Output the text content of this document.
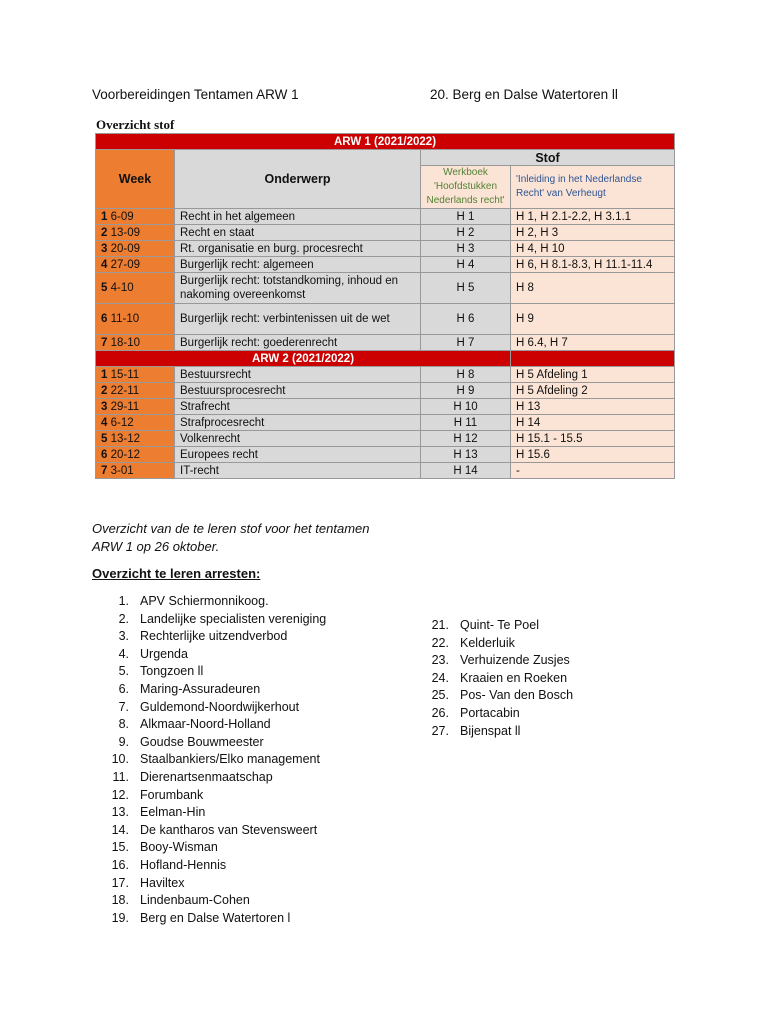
Voorbereidingen Tentamen ARW 1	20. Berg en Dalse Watertoren ll
Overzicht stof
ARW 1 (2021/2022)			
Week	Onderwerp	Stof	
		Werkboek 'Hoofdstukken Nederlands recht'	'Inleiding in het Nederlandse Recht' van Verheugt
1 6-09	Recht in het algemeen	H 1	H 1, H 2.1-2.2, H 3.1.1
2 13-09	Recht en staat	H 2	H 2, H 3
3 20-09	Rt. organisatie en burg. procesrecht	H 3	H 4, H 10
4 27-09	Burgerlijk recht: algemeen	H 4	H 6, H 8.1-8.3, H 11.1-11.4
5 4-10	Burgerlijk recht: totstandkoming, inhoud en nakoming overeenkomst	H 5	H 8
6 11-10	Burgerlijk recht: verbintenissen uit de wet	H 6	H 9
7 18-10	Burgerlijk recht: goederenrecht	H 7	H 6.4, H 7
ARW 2 (2021/2022)			
1 15-11	Bestuursrecht	H 8	H 5 Afdeling 1
2 22-11	Bestuursprocesrecht	H 9	H 5 Afdeling 2
3 29-11	Strafrecht	H 10	H 13
4 6-12	Strafprocesrecht	H 11	H 14
5 13-12	Volkenrecht	H 12	H 15.1 - 15.5
6 20-12	Europees recht	H 13	H 15.6
7 3-01	IT-recht	H 14	-
Overzicht van de te leren stof voor het tentamen ARW 1 op 26 oktober.
Overzicht te leren arresten:
1. APV Schiermonnikoog.
2. Landelijke specialisten vereniging
3. Rechterlijke uitzendverbod
4. Urgenda
5. Tongzoen ll
6. Maring-Assuradeuren
7. Guldemond-Noordwijkerhout
8. Alkmaar-Noord-Holland
9. Goudse Bouwmeester
10. Staalbankiers/Elko management
11. Dierenartsenmaatschap
12. Forumbank
13. Eelman-Hin
14. De kantharos van Stevensweert
15. Booy-Wisman
16. Hofland-Hennis
17. Haviltex
18. Lindenbaum-Cohen
19. Berg en Dalse Watertoren l
21. Quint- Te Poel
22. Kelderluik
23. Verhuizende Zusjes
24. Kraaien en Roeken
25. Pos- Van den Bosch
26. Portacabin
27. Bijenspat ll
